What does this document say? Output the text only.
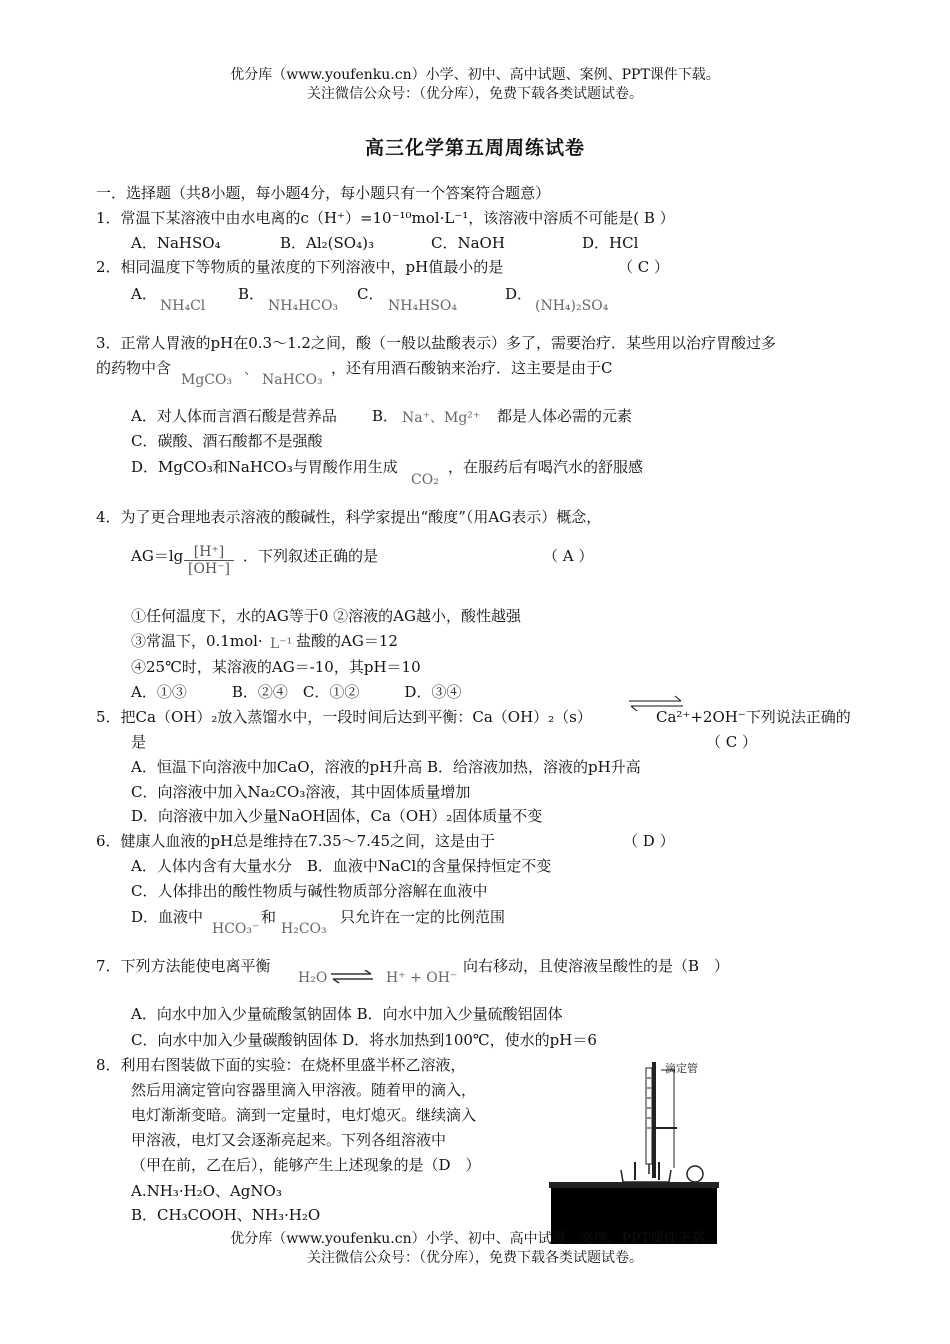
优分库（www.youfenku.cn）小学、初中、高中试题、案例、PPT课件下载。
关注微信公众号：（优分库），免费下载各类试题试卷。
高三化学第五周周练试卷
一．选择题（共8小题，每小题4分，每小题只有一个答案符合题意）
1．常温下某溶液中由水电离的c（H⁺）=10⁻¹⁰mol·L⁻¹，该溶液中溶质不可能是( B ）
A．NaHSO₄	B．Al₂(SO₄)₃	C．NaOH	D．HCl
2．相同温度下等物质的量浓度的下列溶液中，pH值最小的是	（ C ）
A．
NH₄Cl
B．
NH₄HCO₃
C．
NH₄HSO₄
D．
(NH₄)₂SO₄
3．正常人胃液的pH在0.3～1.2之间，酸（一般以盐酸表示）多了，需要治疗．某些用以治疗胃酸过多
的药物中含
MgCO₃
、
NaHCO₃
，还有用酒石酸钠来治疗．这主要是由于C
A．对人体而言酒石酸是营养品 B． Na⁺、Mg²⁺ 都是人体必需的元素
C．碳酸、酒石酸都不是强酸
D．MgCO₃和NaHCO₃与胃酸作用生成
CO₂
，在服药后有喝汽水的舒服感
4．为了更合理地表示溶液的酸碱性，科学家提出“酸度”（用AG表示）概念，
$AG=\lg \frac{[H^+]}{[OH^-]}$ ．下列叙述正确的是	（ A ）
①任何温度下，水的AG等于0 ②溶液的AG越小，酸性越强
③常温下，0.1mol· L⁻¹ 盐酸的AG＝12
④25℃时，某溶液的AG＝-10，其pH＝10
A．①③　　　B．②④　C．①②　　　D．③④
5．把Ca（OH）₂放入蒸馏水中，一段时间后达到平衡：Ca（OH）₂（s）	Ca²⁺+2OH⁻下列说法正确的
是	（ C ）
A．恒温下向溶液中加CaO，溶液的pH升高 B．给溶液加热，溶液的pH升高
C．向溶液中加入Na₂CO₃溶液，其中固体质量增加
D．向溶液中加入少量NaOH固体，Ca（OH）₂固体质量不变
6．健康人血液的pH总是维持在7.35～7.45之间，这是由于	（ D ）
A．人体内含有大量水分　B．血液中NaCl的含量保持恒定不变
C．人体排出的酸性物质与碱性物质部分溶解在血液中
D．血液中
HCO₃⁻
和
H₂CO₃
只允许在一定的比例范围
7．下列方法能使电离平衡
H₂O ⇌ H⁺ + OH⁻
向右移动，且使溶液呈酸性的是（B　）
A．向水中加入少量硫酸氢钠固体 B．向水中加入少量硫酸铝固体
C．向水中加入少量碳酸钠固体 D．将水加热到100℃，使水的pH＝6
8．利用右图装做下面的实验：在烧杯里盛半杯乙溶液，
然后用滴定管向容器里滴入甲溶液。随着甲的滴入，
电灯渐渐变暗。滴到一定量时，电灯熄灭。继续滴入
甲溶液，电灯又会逐渐亮起来。下列各组溶液中
（甲在前，乙在后），能够产生上述现象的是（D　）
A.NH₃·H₂O、AgNO₃
B．CH₃COOH、NH₃·H₂O
滴定管
优分库（www.youfenku.cn）小学、初中、高中试题、案例、PPT课件下载。
关注微信公众号：（优分库），免费下载各类试题试卷。
